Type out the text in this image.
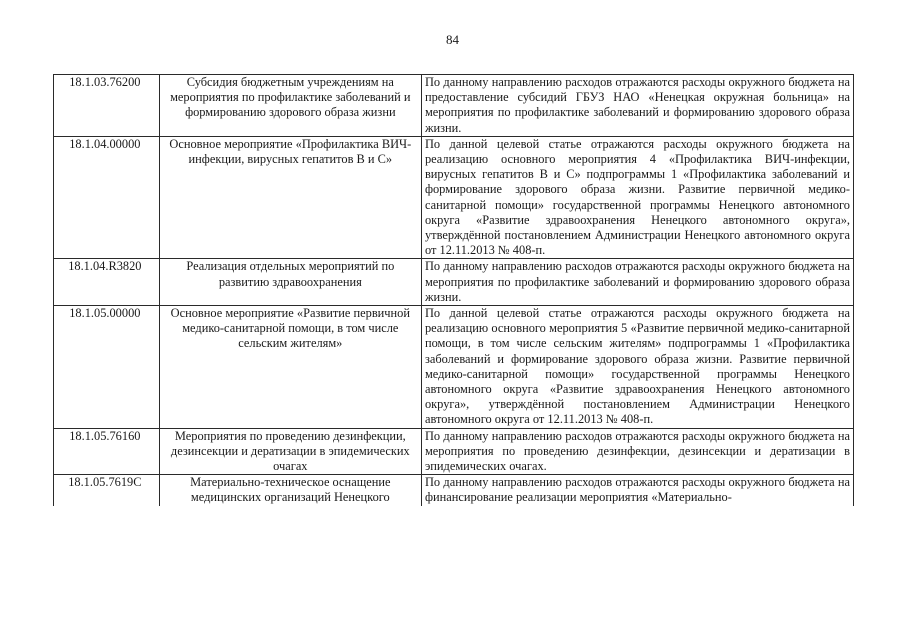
84
18.1.03.76200	Субсидия бюджетным учреждениям на мероприятия по профилактике заболеваний и формированию здорового образа жизни	По данному направлению расходов отражаются расходы окружного бюджета на предоставление субсидий ГБУЗ НАО «Ненецкая окружная больница» на мероприятия по профилактике заболеваний и формированию здорового образа жизни.
18.1.04.00000	Основное мероприятие «Профилактика ВИЧ-инфекции, вирусных гепатитов В и С»	По данной целевой статье отражаются расходы окружного бюджета на реализацию основного мероприятия 4 «Профилактика ВИЧ-инфекции, вирусных гепатитов В и С» подпрограммы 1 «Профилактика заболеваний и формирование здорового образа жизни. Развитие первичной медико-санитарной помощи» государственной программы Ненецкого автономного округа «Развитие здравоохранения Ненецкого автономного округа», утверждённой постановлением Администрации Ненецкого автономного округа от 12.11.2013 № 408-п.
18.1.04.R3820	Реализация отдельных мероприятий по развитию здравоохранения	По данному направлению расходов отражаются расходы окружного бюджета на мероприятия по профилактике заболеваний и формированию здорового образа жизни.
18.1.05.00000	Основное мероприятие «Развитие первичной медико-санитарной помощи, в том числе сельским жителям»	По данной целевой статье отражаются расходы окружного бюджета на реализацию основного мероприятия 5 «Развитие первичной медико-санитарной помощи, в том числе сельским жителям» подпрограммы 1 «Профилактика заболеваний и формирование здорового образа жизни. Развитие первичной медико-санитарной помощи» государственной программы Ненецкого автономного округа «Развитие здравоохранения Ненецкого автономного округа», утверждённой постановлением Администрации Ненецкого автономного округа от 12.11.2013 № 408-п.
18.1.05.76160	Мероприятия по проведению дезинфекции, дезинсекции и дератизации в эпидемических очагах	По данному направлению расходов отражаются расходы окружного бюджета на мероприятия по проведению дезинфекции, дезинсекции и дератизации в эпидемических очагах.
18.1.05.7619С	Материально-техническое оснащение медицинских организаций Ненецкого	По данному направлению расходов отражаются расходы окружного бюджета на финансирование реализации мероприятия «Материально-
